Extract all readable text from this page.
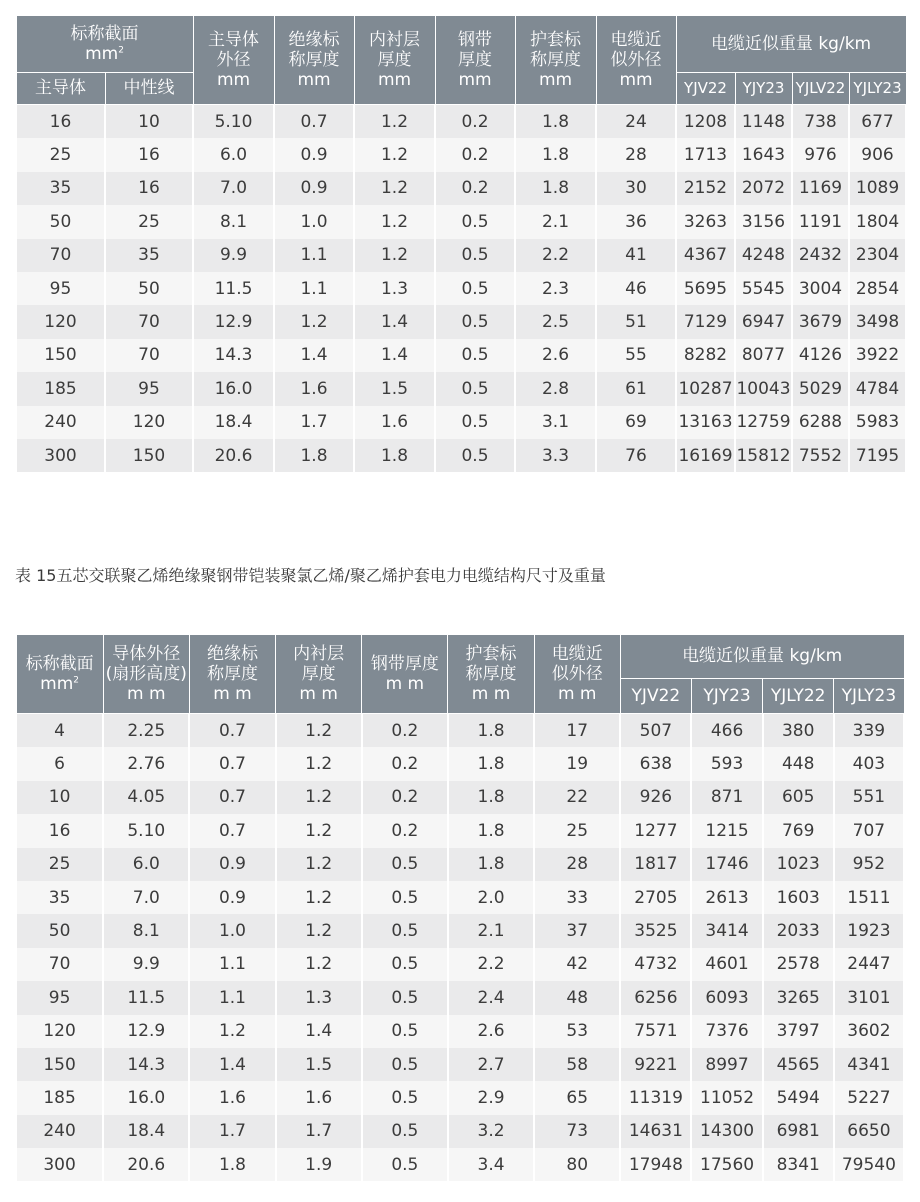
标称截面
$mm^2$		主导体
外径
mm	绝缘标
称厚度
mm	内衬层
厚度
mm	钢带
厚度
mm	护套标
称厚度
mm	电缆近
似外径
mm	电缆近似重量 kg/km			
主导体	中性线							YJV22	YJY23	YJLV22	YJLY23
16	10	5.10	0.7	1.2	0.2	1.8	24	1208	1148	738	677
25	16	6.0	0.9	1.2	0.2	1.8	28	1713	1643	976	906
35	16	7.0	0.9	1.2	0.2	1.8	30	2152	2072	1169	1089
50	25	8.1	1.0	1.2	0.5	2.1	36	3263	3156	1191	1804
70	35	9.9	1.1	1.2	0.5	2.2	41	4367	4248	2432	2304
95	50	11.5	1.1	1.3	0.5	2.3	46	5695	5545	3004	2854
120	70	12.9	1.2	1.4	0.5	2.5	51	7129	6947	3679	3498
150	70	14.3	1.4	1.4	0.5	2.6	55	8282	8077	4126	3922
185	95	16.0	1.6	1.5	0.5	2.8	61	10287	10043	5029	4784
240	120	18.4	1.7	1.6	0.5	3.1	69	13163	12759	6288	5983
300	150	20.6	1.8	1.8	0.5	3.3	76	16169	15812	7552	7195
表 15五芯交联聚乙烯绝缘聚钢带铠装聚氯乙烯/聚乙烯护套电力电缆结构尺寸及重量
标称截面
$mm^2$	导体外径
(扇形高度)
m m	绝缘标
称厚度
m m	内衬层
厚度
m m	钢带厚度
m m	护套标
称厚度
m m	电缆近
似外径
m m	电缆近似重量 kg/km			
							YJV22	YJY23	YJLY22	YJLY23
4	2.25	0.7	1.2	0.2	1.8	17	507	466	380	339
6	2.76	0.7	1.2	0.2	1.8	19	638	593	448	403
10	4.05	0.7	1.2	0.2	1.8	22	926	871	605	551
16	5.10	0.7	1.2	0.2	1.8	25	1277	1215	769	707
25	6.0	0.9	1.2	0.5	1.8	28	1817	1746	1023	952
35	7.0	0.9	1.2	0.5	2.0	33	2705	2613	1603	1511
50	8.1	1.0	1.2	0.5	2.1	37	3525	3414	2033	1923
70	9.9	1.1	1.2	0.5	2.2	42	4732	4601	2578	2447
95	11.5	1.1	1.3	0.5	2.4	48	6256	6093	3265	3101
120	12.9	1.2	1.4	0.5	2.6	53	7571	7376	3797	3602
150	14.3	1.4	1.5	0.5	2.7	58	9221	8997	4565	4341
185	16.0	1.6	1.6	0.5	2.9	65	11319	11052	5494	5227
240	18.4	1.7	1.7	0.5	3.2	73	14631	14300	6981	6650
300	20.6	1.8	1.9	0.5	3.4	80	17948	17560	8341	79540
